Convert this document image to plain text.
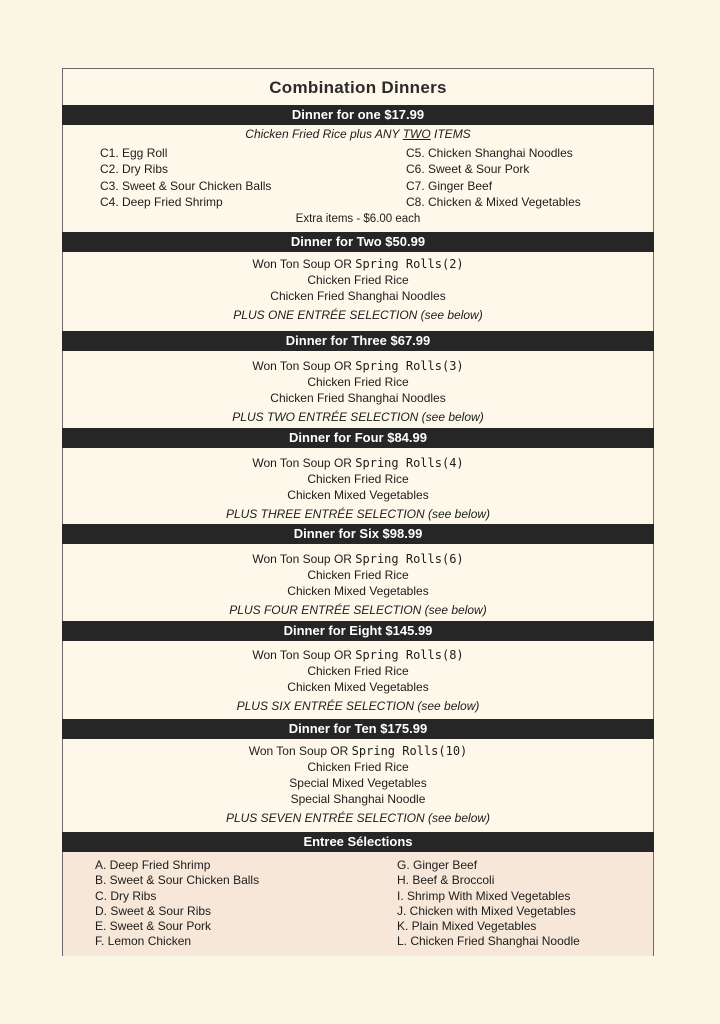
Combination Dinners
Dinner for one $17.99
Chicken Fried Rice plus ANY TWO ITEMS
C1. Egg Roll
C2. Dry Ribs
C3. Sweet & Sour Chicken Balls
C4. Deep Fried Shrimp
C5. Chicken Shanghai Noodles
C6. Sweet & Sour Pork
C7. Ginger Beef
C8. Chicken & Mixed Vegetables
Extra items - $6.00 each
Dinner for Two $50.99
Won Ton Soup OR Spring Rolls(2)
Chicken Fried Rice
Chicken Fried Shanghai Noodles
PLUS ONE ENTRÉE SELECTION (see below)
Dinner for Three $67.99
Won Ton Soup OR Spring Rolls(3)
Chicken Fried Rice
Chicken Fried Shanghai Noodles
PLUS TWO ENTRÉE SELECTION (see below)
Dinner for Four $84.99
Won Ton Soup OR Spring Rolls(4)
Chicken Fried Rice
Chicken Mixed Vegetables
PLUS THREE ENTRÉE SELECTION (see below)
Dinner for Six $98.99
Won Ton Soup OR Spring Rolls(6)
Chicken Fried Rice
Chicken Mixed Vegetables
PLUS FOUR ENTRÉE SELECTION (see below)
Dinner for Eight $145.99
Won Ton Soup OR Spring Rolls(8)
Chicken Fried Rice
Chicken Mixed Vegetables
PLUS SIX ENTRÉE SELECTION (see below)
Dinner for Ten $175.99
Won Ton Soup OR Spring Rolls(10)
Chicken Fried Rice
Special Mixed Vegetables
Special Shanghai Noodle
PLUS SEVEN ENTRÉE SELECTION (see below)
A. Deep Fried Shrimp
B. Sweet & Sour Chicken Balls
C. Dry Ribs
D. Sweet & Sour Ribs
E. Sweet & Sour Pork
F. Lemon Chicken
G. Ginger Beef
H. Beef & Broccoli
I. Shrimp With Mixed Vegetables
J. Chicken with Mixed Vegetables
K. Plain Mixed Vegetables
L. Chicken Fried Shanghai Noodle
Entree Sélections
